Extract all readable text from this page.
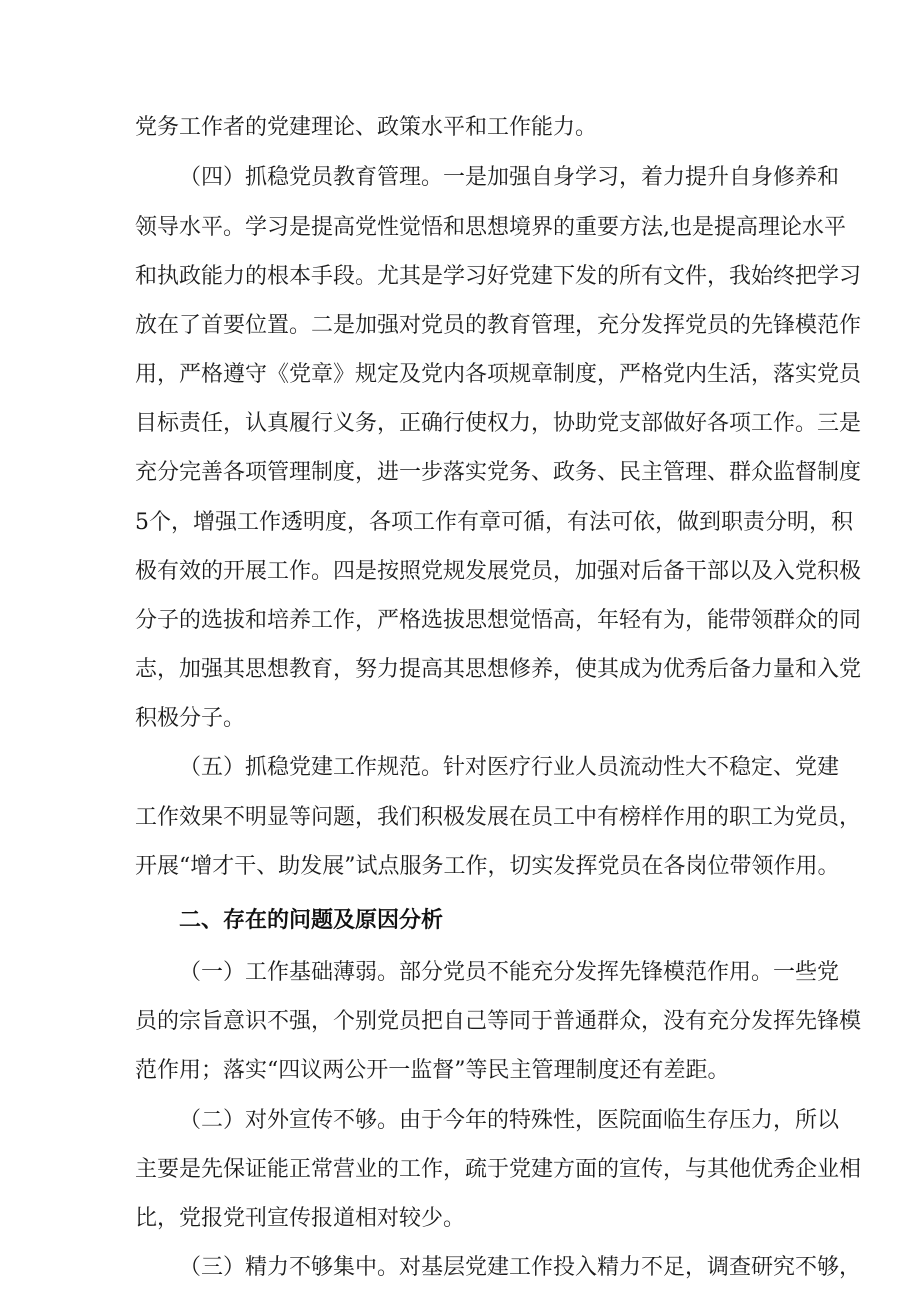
党务工作者的党建理论、政策水平和工作能力。
（四）抓稳党员教育管理。一是加强自身学习，着力提升自身修养和
领导水平。学习是提高党性觉悟和思想境界的重要方法,也是提高理论水平
和执政能力的根本手段。尤其是学习好党建下发的所有文件，我始终把学习
放在了首要位置。二是加强对党员的教育管理，充分发挥党员的先锋模范作
用，严格遵守《党章》规定及党内各项规章制度，严格党内生活，落实党员
目标责任，认真履行义务，正确行使权力，协助党支部做好各项工作。三是
充分完善各项管理制度，进一步落实党务、政务、民主管理、群众监督制度
5个，增强工作透明度，各项工作有章可循，有法可依，做到职责分明，积
极有效的开展工作。四是按照党规发展党员，加强对后备干部以及入党积极
分子的选拔和培养工作，严格选拔思想觉悟高，年轻有为，能带领群众的同
志，加强其思想教育，努力提高其思想修养，使其成为优秀后备力量和入党
积极分子。
（五）抓稳党建工作规范。针对医疗行业人员流动性大不稳定、党建
工作效果不明显等问题，我们积极发展在员工中有榜样作用的职工为党员，
开展“增才干、助发展”试点服务工作，切实发挥党员在各岗位带领作用。
二、存在的问题及原因分析
（一）工作基础薄弱。部分党员不能充分发挥先锋模范作用。一些党
员的宗旨意识不强，个别党员把自己等同于普通群众，没有充分发挥先锋模
范作用；落实“四议两公开一监督”等民主管理制度还有差距。
（二）对外宣传不够。由于今年的特殊性，医院面临生存压力，所以
主要是先保证能正常营业的工作，疏于党建方面的宣传，与其他优秀企业相
比，党报党刊宣传报道相对较少。
（三）精力不够集中。对基层党建工作投入精力不足，调查研究不够，
